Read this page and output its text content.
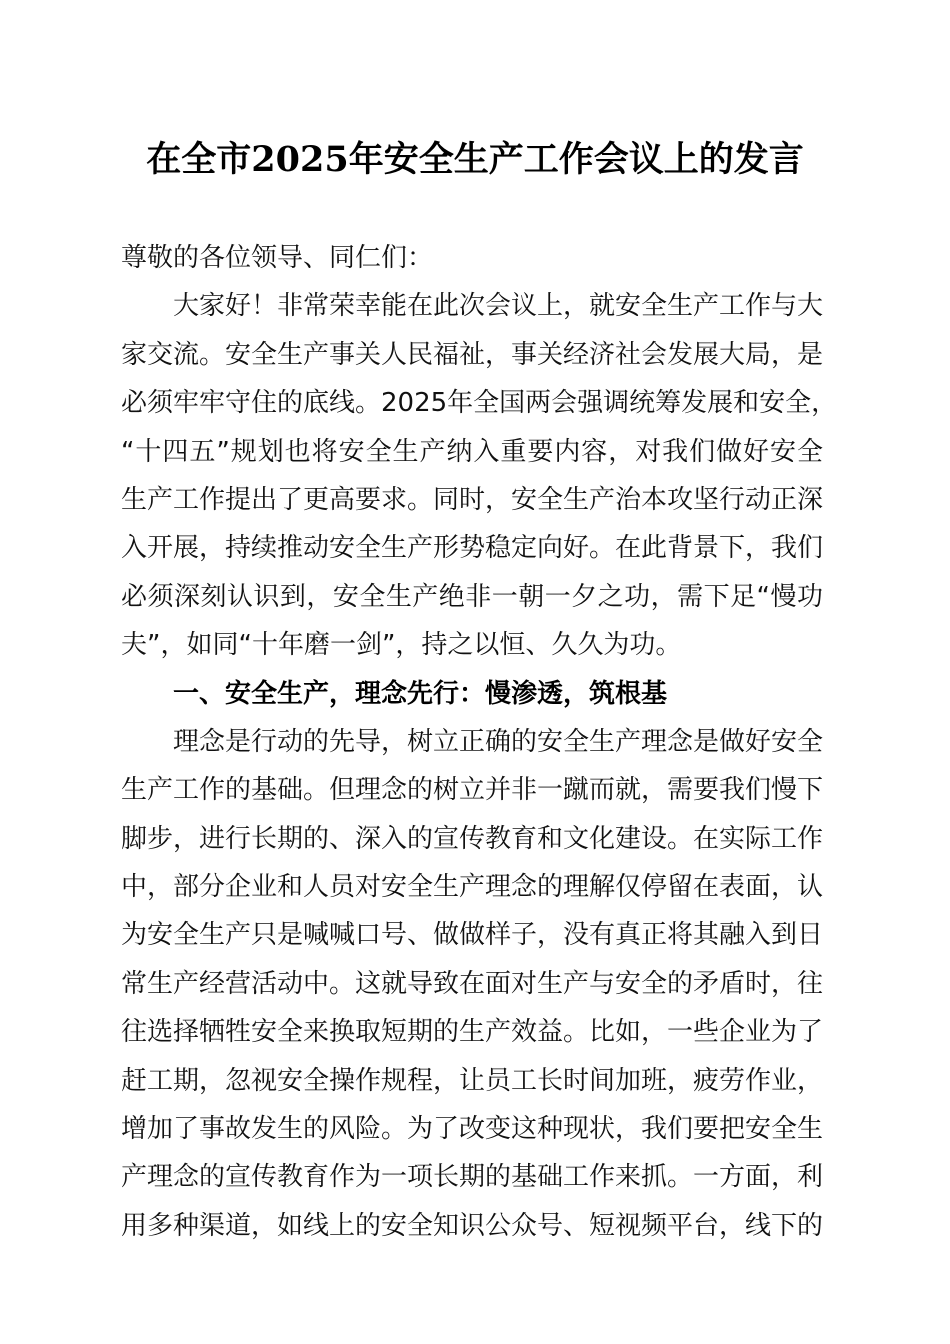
在全市2025年安全生产工作会议上的发言
尊敬的各位领导、同仁们：
大家好！非常荣幸能在此次会议上，就安全生产工作与大
家交流。安全生产事关人民福祉，事关经济社会发展大局，是
必须牢牢守住的底线。2025年全国两会强调统筹发展和安全，
“十四五”规划也将安全生产纳入重要内容，对我们做好安全
生产工作提出了更高要求。同时，安全生产治本攻坚行动正深
入开展，持续推动安全生产形势稳定向好。在此背景下，我们
必须深刻认识到，安全生产绝非一朝一夕之功，需下足“慢功
夫”，如同“十年磨一剑”，持之以恒、久久为功。
一、安全生产，理念先行：慢渗透，筑根基
理念是行动的先导，树立正确的安全生产理念是做好安全
生产工作的基础。但理念的树立并非一蹴而就，需要我们慢下
脚步，进行长期的、深入的宣传教育和文化建设。在实际工作
中，部分企业和人员对安全生产理念的理解仅停留在表面，认
为安全生产只是喊喊口号、做做样子，没有真正将其融入到日
常生产经营活动中。这就导致在面对生产与安全的矛盾时，往
往选择牺牲安全来换取短期的生产效益。比如，一些企业为了
赶工期，忽视安全操作规程，让员工长时间加班，疲劳作业，
增加了事故发生的风险。为了改变这种现状，我们要把安全生
产理念的宣传教育作为一项长期的基础工作来抓。一方面，利
用多种渠道，如线上的安全知识公众号、短视频平台，线下的
